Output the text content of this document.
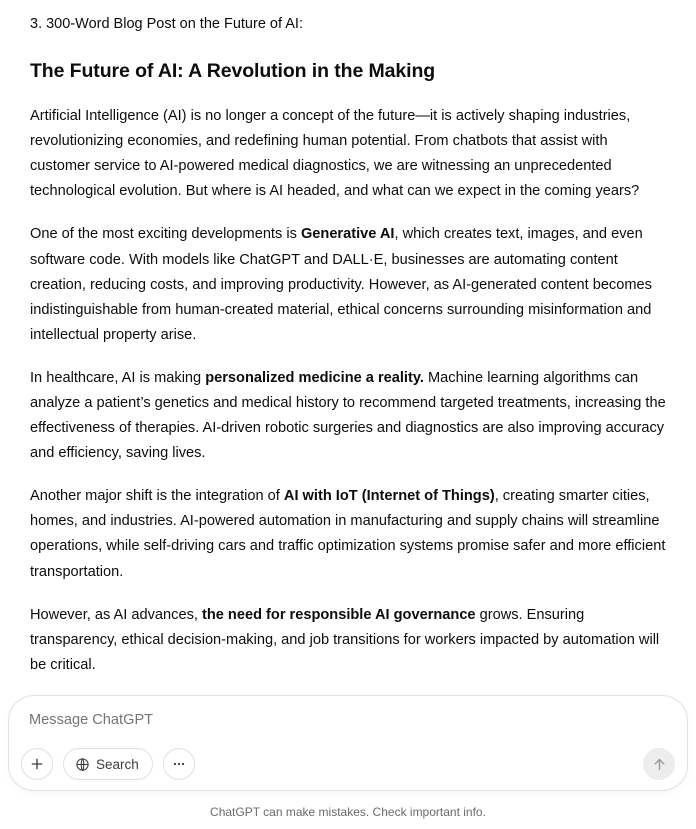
3. 300-Word Blog Post on the Future of AI:
The Future of AI: A Revolution in the Making

Artificial Intelligence (AI) is no longer a concept of the future—it is actively shaping industries, revolutionizing economies, and redefining human potential. From chatbots that assist with customer service to AI-powered medical diagnostics, we are witnessing an unprecedented technological evolution. But where is AI headed, and what can we expect in the coming years?

One of the most exciting developments is Generative AI, which creates text, images, and even software code. With models like ChatGPT and DALL·E, businesses are automating content creation, reducing costs, and improving productivity. However, as AI-generated content becomes indistinguishable from human-created material, ethical concerns surrounding misinformation and intellectual property arise.

In healthcare, AI is making personalized medicine a reality. Machine learning algorithms can analyze a patient’s genetics and medical history to recommend targeted treatments, increasing the effectiveness of therapies. AI-driven robotic surgeries and diagnostics are also improving accuracy and efficiency, saving lives.

Another major shift is the integration of AI with IoT (Internet of Things), creating smarter cities, homes, and industries. AI-powered automation in manufacturing and supply chains will streamline operations, while self-driving cars and traffic optimization systems promise safer and more efficient transportation.

However, as AI advances, the need for responsible AI governance grows. Ensuring transparency, ethical decision-making, and job transitions for workers impacted by automation will be critical.

Message ChatGPT
Search
ChatGPT can make mistakes. Check important info.
